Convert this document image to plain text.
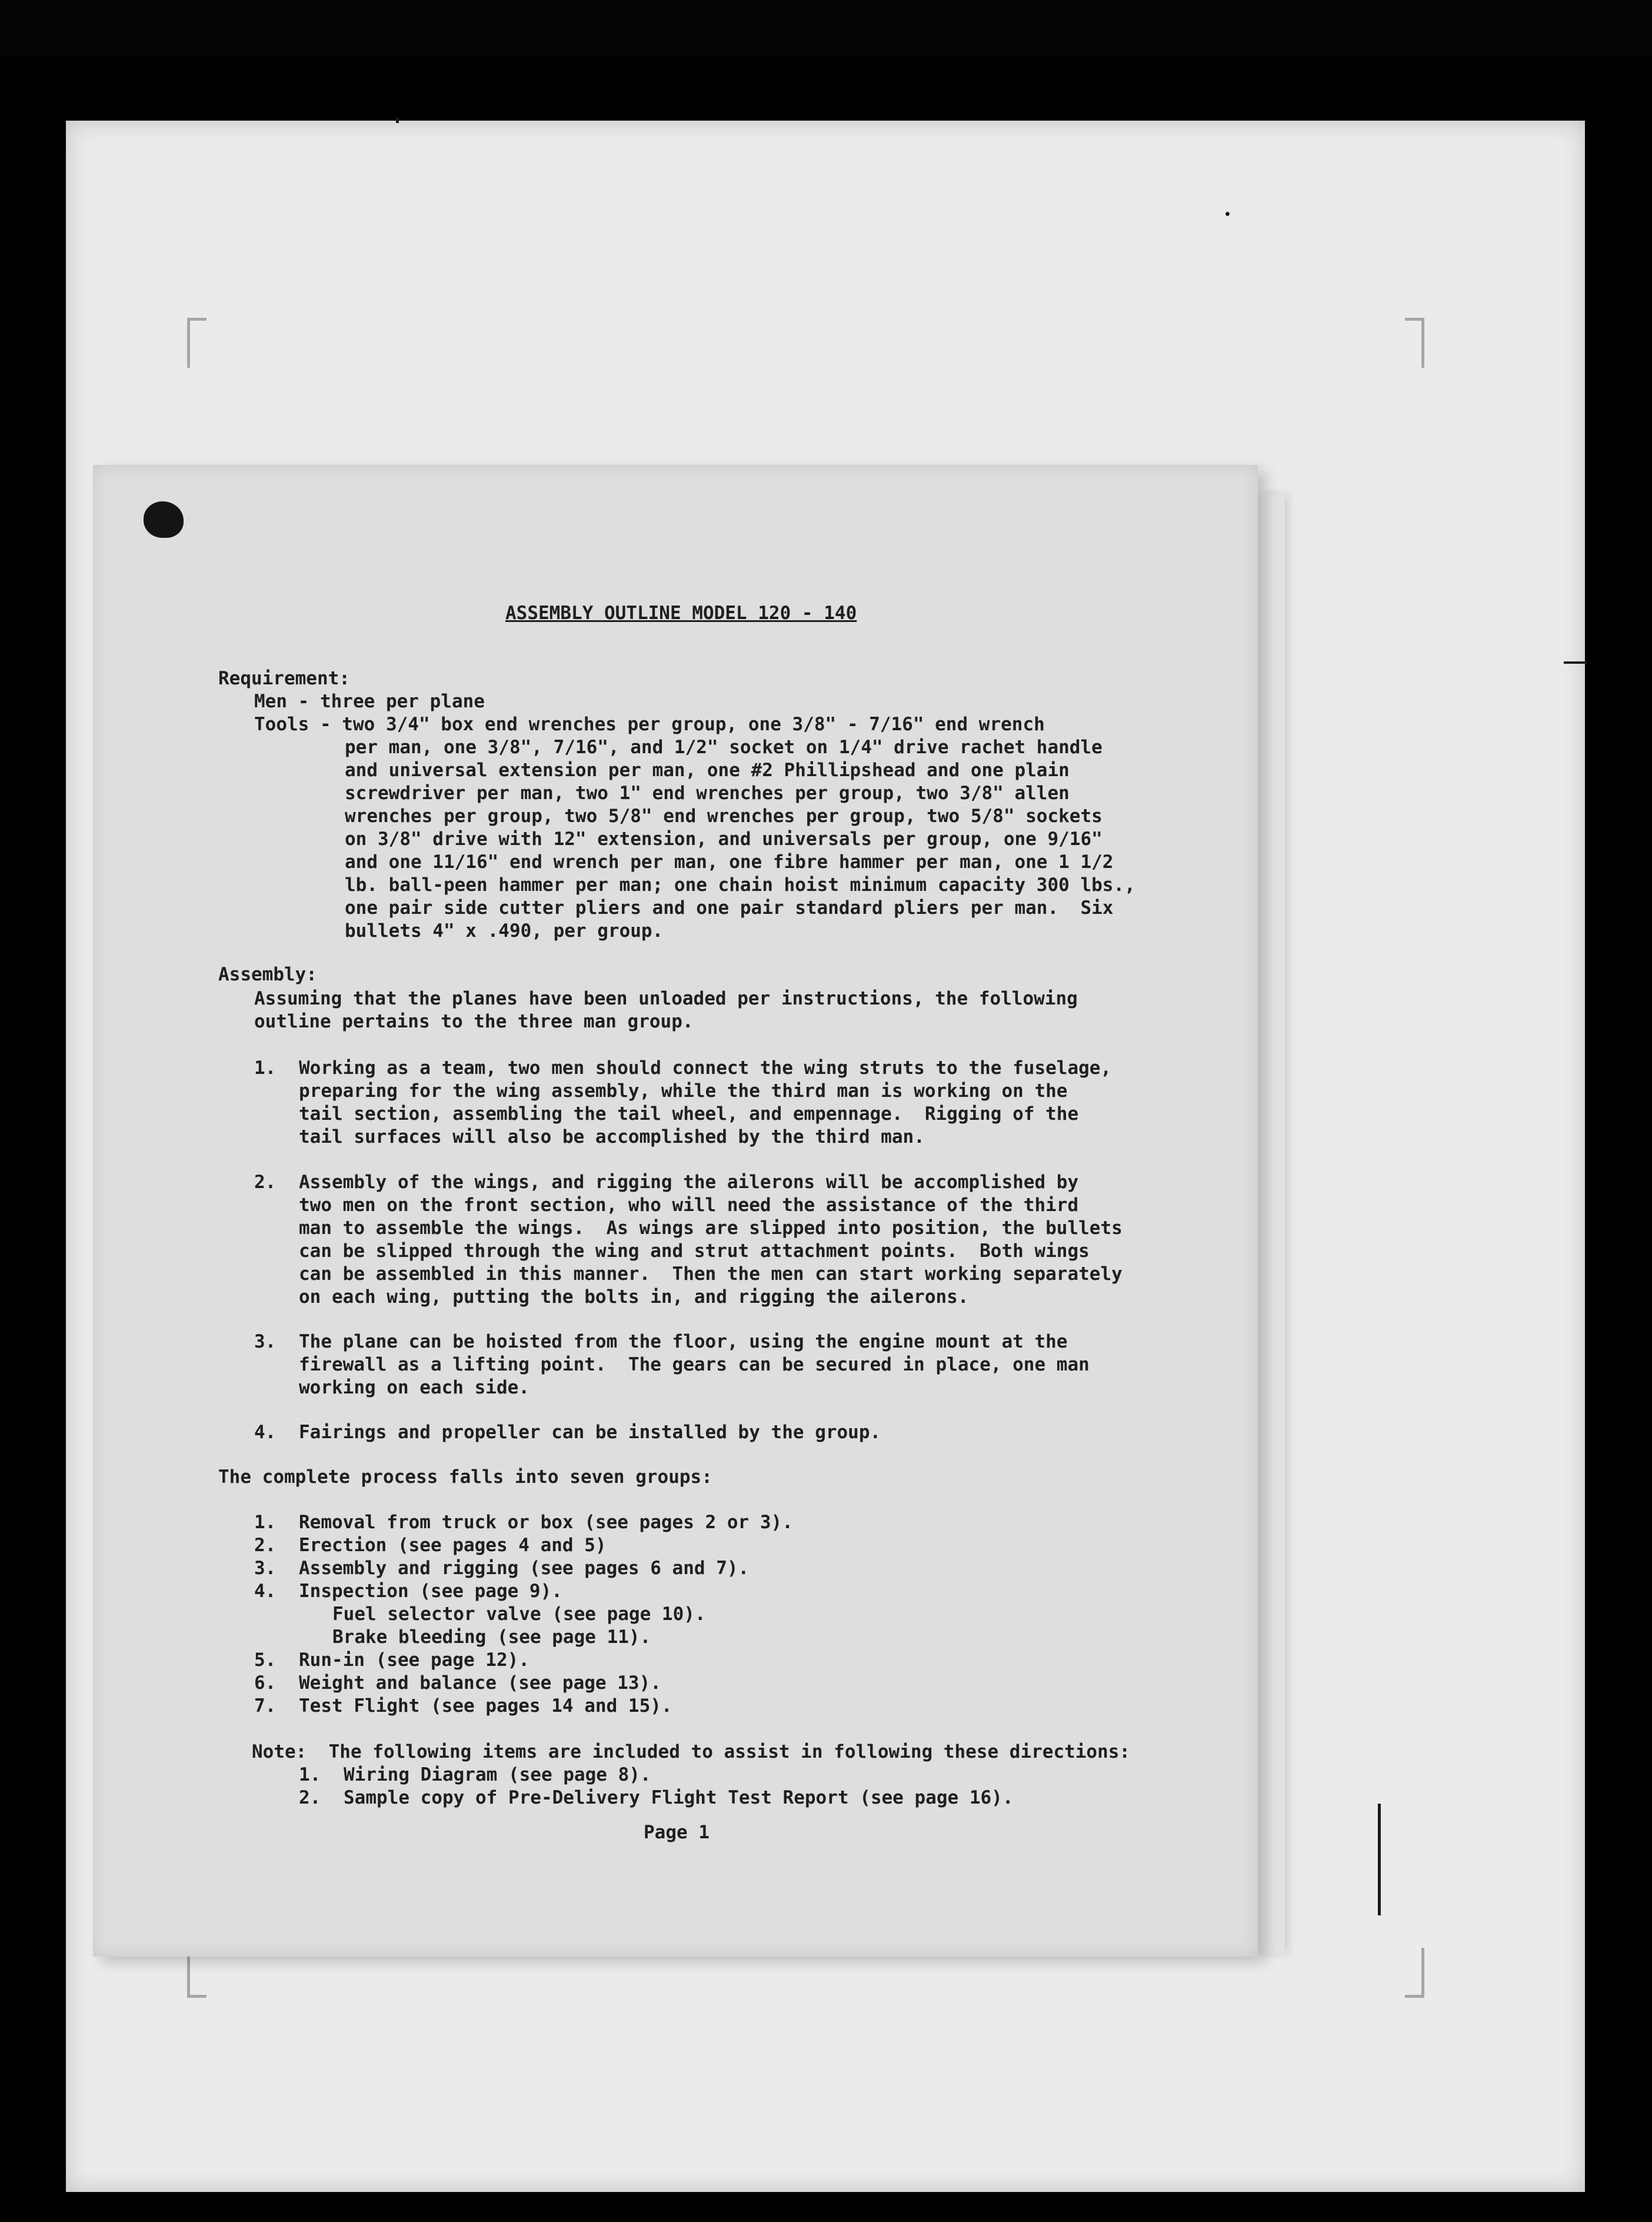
ASSEMBLY OUTLINE MODEL 120 - 140
Requirement:
Men - three per plane
Tools - two 3/4" box end wrenches per group, one 3/8" - 7/16" end wrench
per man, one 3/8", 7/16", and 1/2" socket on 1/4" drive rachet handle
and universal extension per man, one #2 Phillipshead and one plain
screwdriver per man, two 1" end wrenches per group, two 3/8" allen
wrenches per group, two 5/8" end wrenches per group, two 5/8" sockets
on 3/8" drive with 12" extension, and universals per group, one 9/16"
and one 11/16" end wrench per man, one fibre hammer per man, one 1 1/2
lb. ball-peen hammer per man; one chain hoist minimum capacity 300 lbs.,
one pair side cutter pliers and one pair standard pliers per man.  Six
bullets 4" x .490, per group.
Assembly:
Assuming that the planes have been unloaded per instructions, the following
outline pertains to the three man group.
1. Working as a team, two men should connect the wing struts to the fuselage,
preparing for the wing assembly, while the third man is working on the
tail section, assembling the tail wheel, and empennage.  Rigging of the
tail surfaces will also be accomplished by the third man.
2. Assembly of the wings, and rigging the ailerons will be accomplished by
two men on the front section, who will need the assistance of the third
man to assemble the wings.  As wings are slipped into position, the bullets
can be slipped through the wing and strut attachment points.  Both wings
can be assembled in this manner.  Then the men can start working separately
on each wing, putting the bolts in, and rigging the ailerons.
3. The plane can be hoisted from the floor, using the engine mount at the
firewall as a lifting point.  The gears can be secured in place, one man
working on each side.
4. Fairings and propeller can be installed by the group.
The complete process falls into seven groups:
1. Removal from truck or box (see pages 2 or 3).
2. Erection (see pages 4 and 5)
3. Assembly and rigging (see pages 6 and 7).
4. Inspection (see page 9).
Fuel selector valve (see page 10).
Brake bleeding (see page 11).
5. Run-in (see page 12).
6. Weight and balance (see page 13).
7. Test Flight (see pages 14 and 15).
Note:  The following items are included to assist in following these directions:
1. Wiring Diagram (see page 8).
2. Sample copy of Pre-Delivery Flight Test Report (see page 16).
Page 1
